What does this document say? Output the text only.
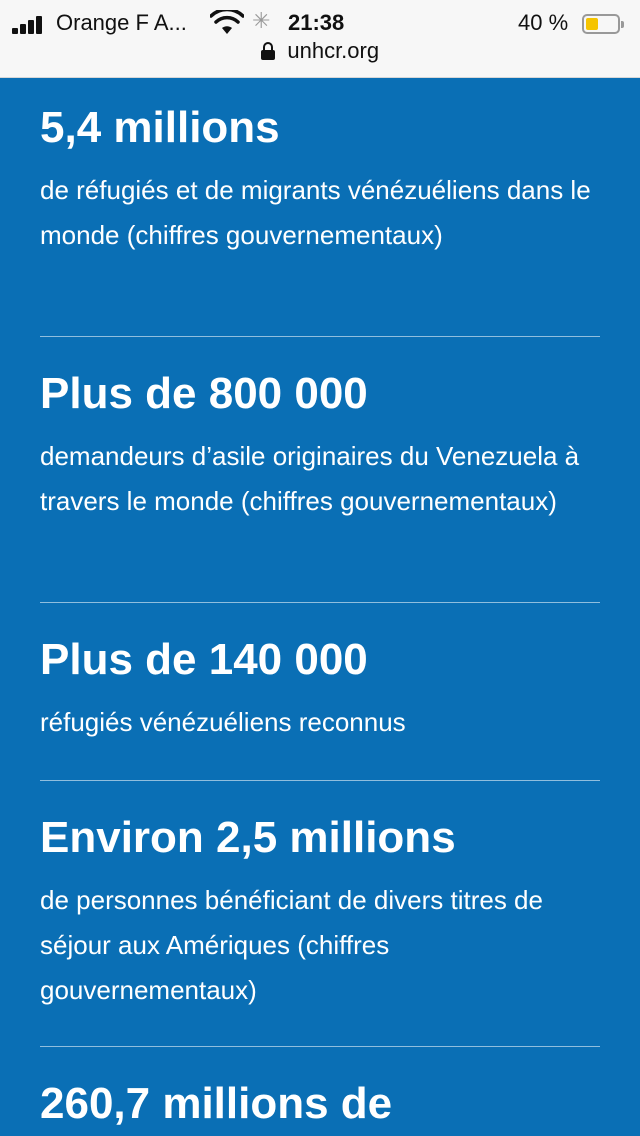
Orange F A...	✳ 21:38	40 %
unhcr.org

5,4 millions

de réfugiés et de migrants vénézuéliens dans le monde (chiffres gouvernementaux)

Plus de 800 000

demandeurs d’asile originaires du Venezuela à travers le monde (chiffres gouvernementaux)

Plus de 140 000

réfugiés vénézuéliens reconnus

Environ 2,5 millions

de personnes bénéficiant de divers titres de séjour aux Amériques (chiffres gouvernementaux)

260,7 millions de
